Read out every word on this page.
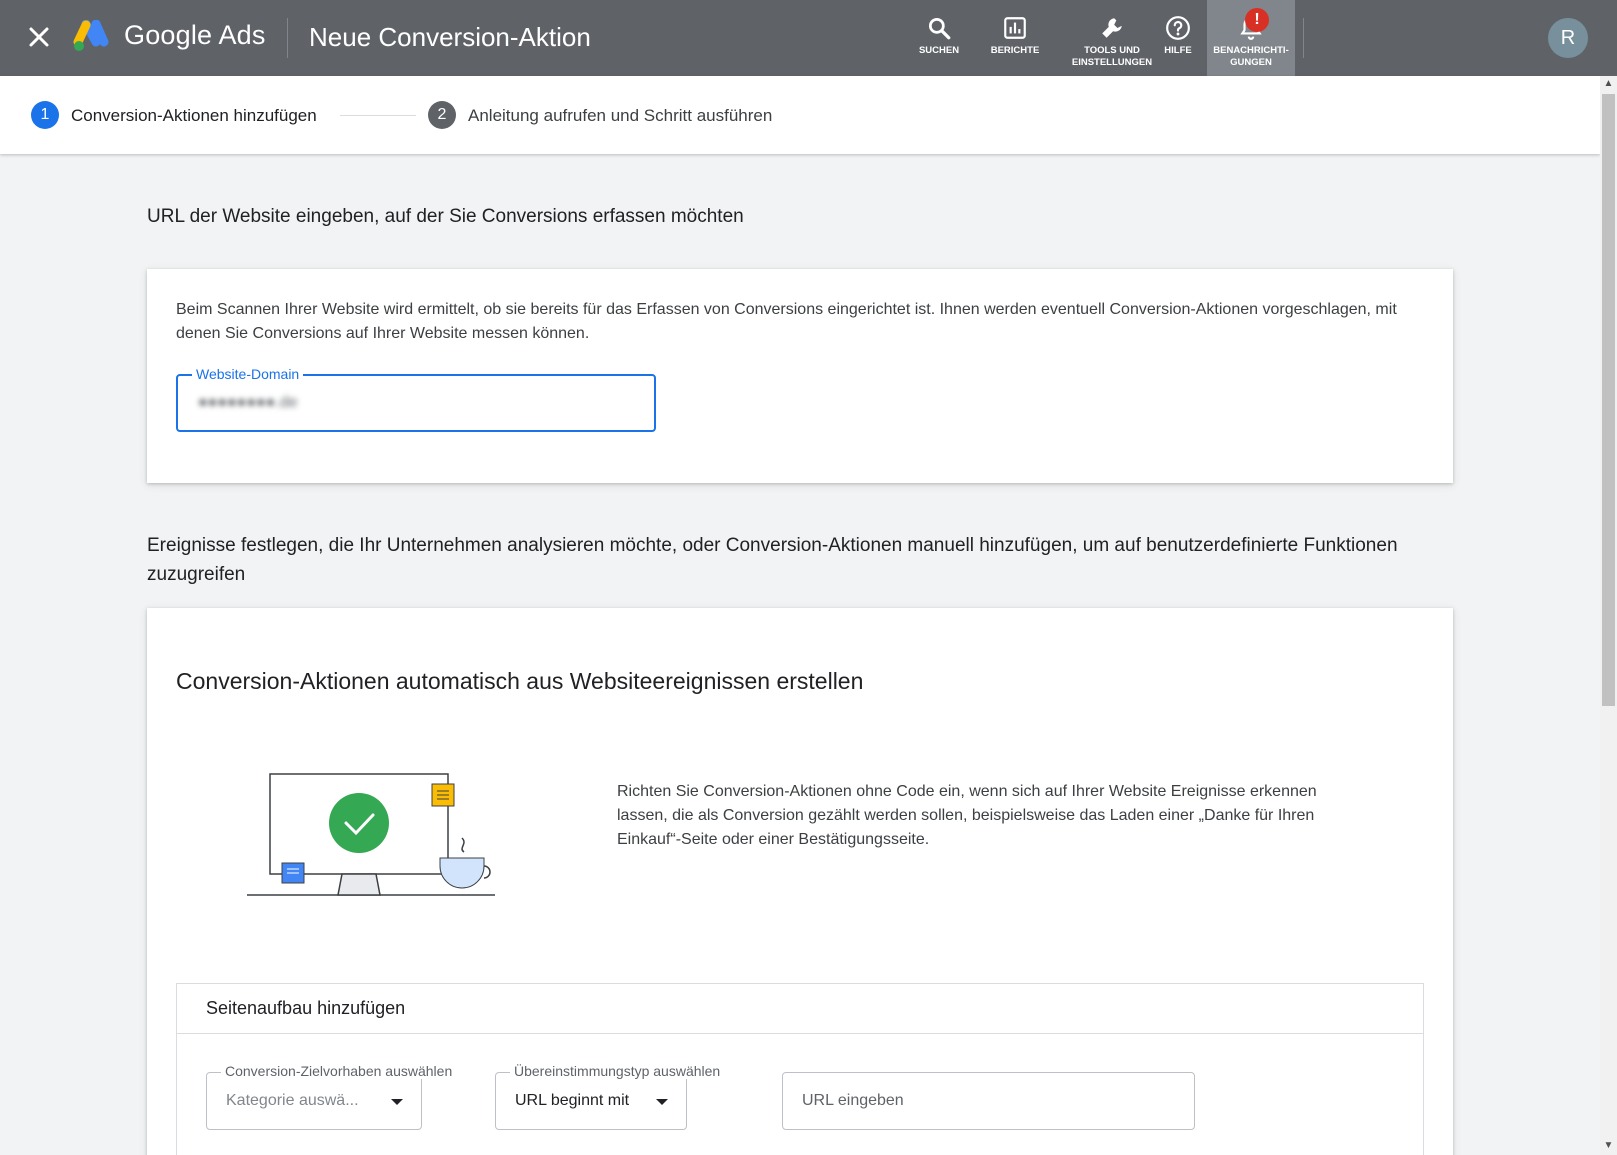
Google Ads Neue Conversion-Aktion	SUCHEN	BERICHTE	TOOLS UND
EINSTELLUNGEN
HILFE
!
BENACHRICHTI-
GUNGEN
R
1	Conversion-Aktionen hinzufügen	2	Anleitung aufrufen und Schritt ausführen
▲
▼
URL der Website eingeben, auf der Sie Conversions erfassen möchten
Beim Scannen Ihrer Website wird ermittelt, ob sie bereits für das Erfassen von Conversions eingerichtet ist. Ihnen werden eventuell Conversion-Aktionen vorgeschlagen, mit denen Sie Conversions auf Ihrer Website messen können.
Website-Domain
●●●●●●●●.de
Ereignisse festlegen, die Ihr Unternehmen analysieren möchte, oder Conversion-Aktionen manuell hinzufügen, um auf benutzerdefinierte Funktionen zuzugreifen
Conversion-Aktionen automatisch aus Websiteereignissen erstellen
Richten Sie Conversion-Aktionen ohne Code ein, wenn sich auf Ihrer Website Ereignisse erkennen lassen, die als Conversion gezählt werden sollen, beispielsweise das Laden einer „Danke für Ihren Einkauf“-Seite oder einer Bestätigungsseite.
Seitenaufbau hinzufügen
Conversion-Zielvorhaben auswählen
Kategorie auswä...
Übereinstimmungstyp auswählen
URL beginnt mit
URL eingeben
